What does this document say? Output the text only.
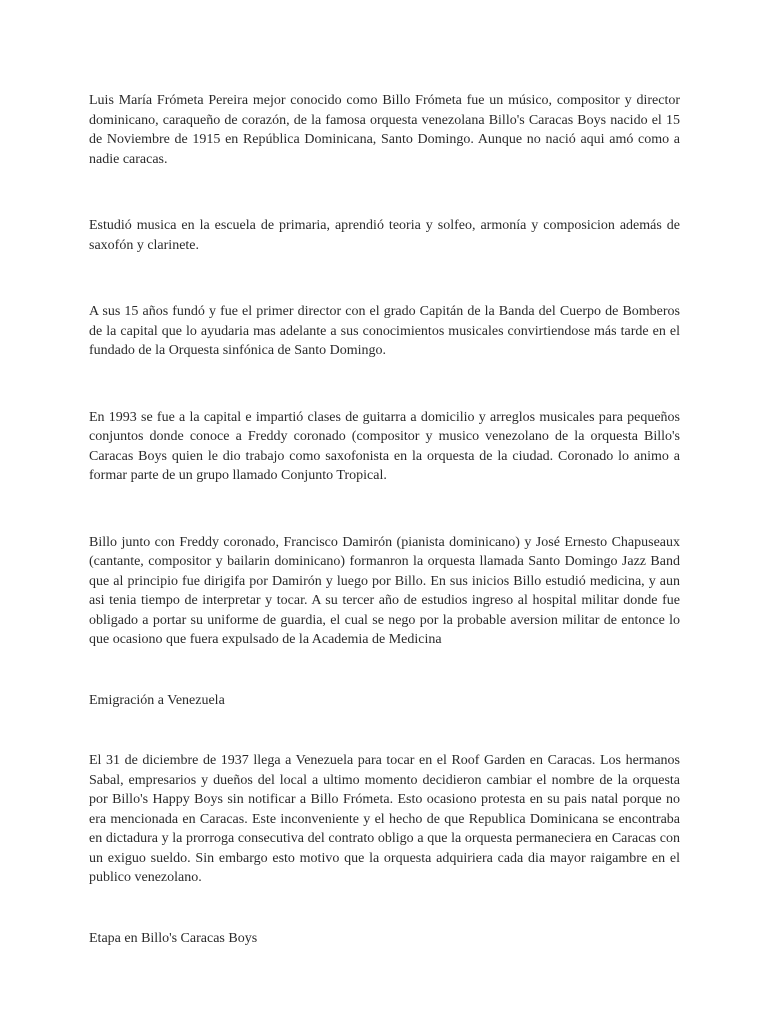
Luis María Frómeta Pereira mejor conocido como Billo Frómeta fue un músico, compositor y director dominicano, caraqueño de corazón, de la famosa orquesta venezolana Billo's Caracas Boys nacido el 15 de Noviembre de 1915 en República Dominicana, Santo Domingo. Aunque no nació aqui amó como a nadie caracas.

Estudió musica en la escuela de primaria, aprendió teoria y solfeo, armonía y composicion además de saxofón y clarinete.

A sus 15 años fundó y fue el primer director con el grado Capitán de la Banda del Cuerpo de Bomberos de la capital que lo ayudaria mas adelante a sus conocimientos musicales convirtiendose más tarde en el fundado de la Orquesta sinfónica de Santo Domingo.

En 1993 se fue a la capital e impartió clases de guitarra a domicilio y arreglos musicales para pequeños conjuntos donde conoce a Freddy coronado (compositor y musico venezolano de la orquesta Billo's Caracas Boys quien le dio trabajo como saxofonista en la orquesta de la ciudad. Coronado lo animo a formar parte de un grupo llamado Conjunto Tropical.

Billo junto con Freddy coronado, Francisco Damirón (pianista dominicano) y José Ernesto Chapuseaux (cantante, compositor y bailarin dominicano) formanron la orquesta llamada Santo Domingo Jazz Band que al principio fue dirigifa por Damirón y luego por Billo. En sus inicios Billo estudió medicina, y aun asi tenia tiempo de interpretar y tocar. A su tercer año de estudios ingreso al hospital militar donde fue obligado a portar su uniforme de guardia, el cual se nego por la probable aversion militar de entonce lo que ocasiono que fuera expulsado de la Academia de Medicina

Emigración a Venezuela

El 31 de diciembre de 1937 llega a Venezuela para tocar en el Roof Garden en Caracas. Los hermanos Sabal, empresarios y dueños del local a ultimo momento decidieron cambiar el nombre de la orquesta por Billo's Happy Boys sin notificar a Billo Frómeta. Esto ocasiono protesta en su pais natal porque no era mencionada en Caracas. Este inconveniente y el hecho de que Republica Dominicana se encontraba en dictadura y la prorroga consecutiva del contrato obligo a que la orquesta permaneciera en Caracas con un exiguo sueldo. Sin embargo esto motivo que la orquesta adquiriera cada dia mayor raigambre en el publico venezolano.

Etapa en Billo's Caracas Boys
